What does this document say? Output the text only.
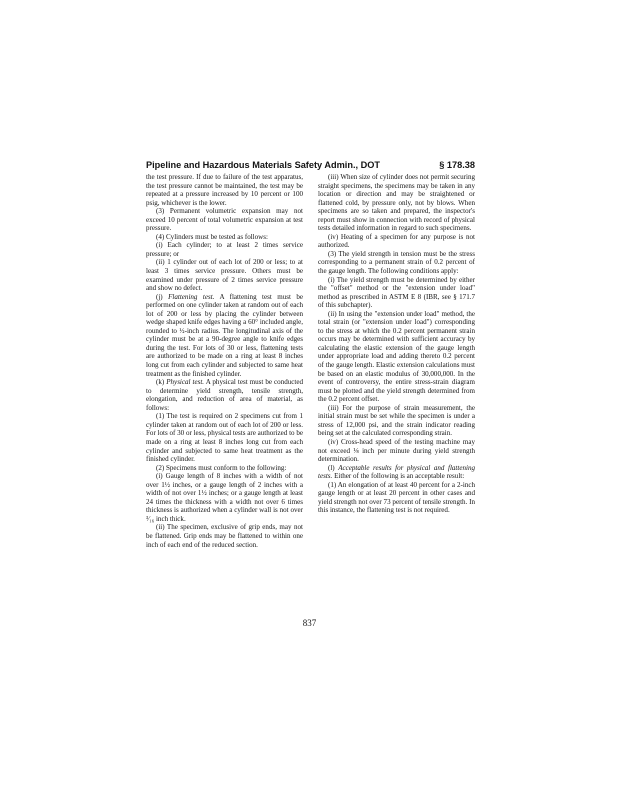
Pipeline and Hazardous Materials Safety Admin., DOT	§ 178.38

the test pressure. If due to failure of the test apparatus, the test pressure cannot be maintained, the test may be repeated at a pressure increased by 10 percent or 100 psig, whichever is the lower.

(3) Permanent volumetric expansion may not exceed 10 percent of total volumetric expansion at test pressure.

(4) Cylinders must be tested as follows:

(i) Each cylinder; to at least 2 times service pressure; or

(ii) 1 cylinder out of each lot of 200 or less; to at least 3 times service pressure. Others must be examined under pressure of 2 times service pressure and show no defect.

(j) Flattening test. A flattening test must be performed on one cylinder taken at random out of each lot of 200 or less by placing the cylinder between wedge shaped knife edges having a 60° included angle, rounded to ½-inch radius. The longitudinal axis of the cylinder must be at a 90-degree angle to knife edges during the test. For lots of 30 or less, flattening tests are authorized to be made on a ring at least 8 inches long cut from each cylinder and subjected to same heat treatment as the finished cylinder.

(k) Physical test. A physical test must be conducted to determine yield strength, tensile strength, elongation, and reduction of area of material, as follows:

(1) The test is required on 2 specimens cut from 1 cylinder taken at random out of each lot of 200 or less. For lots of 30 or less, physical tests are authorized to be made on a ring at least 8 inches long cut from each cylinder and subjected to same heat treatment as the finished cylinder.

(2) Specimens must conform to the following:

(i) Gauge length of 8 inches with a width of not over 1½ inches, or a gauge length of 2 inches with a width of not over 1½ inches; or a gauge length at least 24 times the thickness with a width not over 6 times thickness is authorized when a cylinder wall is not over ³⁄₁₆ inch thick.

(ii) The specimen, exclusive of grip ends, may not be flattened. Grip ends may be flattened to within one inch of each end of the reduced section.

(iii) When size of cylinder does not permit securing straight specimens, the specimens may be taken in any location or direction and may be straightened or flattened cold, by pressure only, not by blows. When specimens are so taken and prepared, the inspector's report must show in connection with record of physical tests detailed information in regard to such specimens.

(iv) Heating of a specimen for any purpose is not authorized.

(3) The yield strength in tension must be the stress corresponding to a permanent strain of 0.2 percent of the gauge length. The following conditions apply:

(i) The yield strength must be determined by either the "offset" method or the "extension under load" method as prescribed in ASTM E 8 (IBR, see § 171.7 of this subchapter).

(ii) In using the "extension under load" method, the total strain (or "extension under load") corresponding to the stress at which the 0.2 percent permanent strain occurs may be determined with sufficient accuracy by calculating the elastic extension of the gauge length under appropriate load and adding thereto 0.2 percent of the gauge length. Elastic extension calculations must be based on an elastic modulus of 30,000,000. In the event of controversy, the entire stress-strain diagram must be plotted and the yield strength determined from the 0.2 percent offset.

(iii) For the purpose of strain measurement, the initial strain must be set while the specimen is under a stress of 12,000 psi, and the strain indicator reading being set at the calculated corresponding strain.

(iv) Cross-head speed of the testing machine may not exceed ⅛ inch per minute during yield strength determination.

(l) Acceptable results for physical and flattening tests. Either of the following is an acceptable result:

(1) An elongation of at least 40 percent for a 2-inch gauge length or at least 20 percent in other cases and yield strength not over 73 percent of tensile strength. In this instance, the flattening test is not required.

837
